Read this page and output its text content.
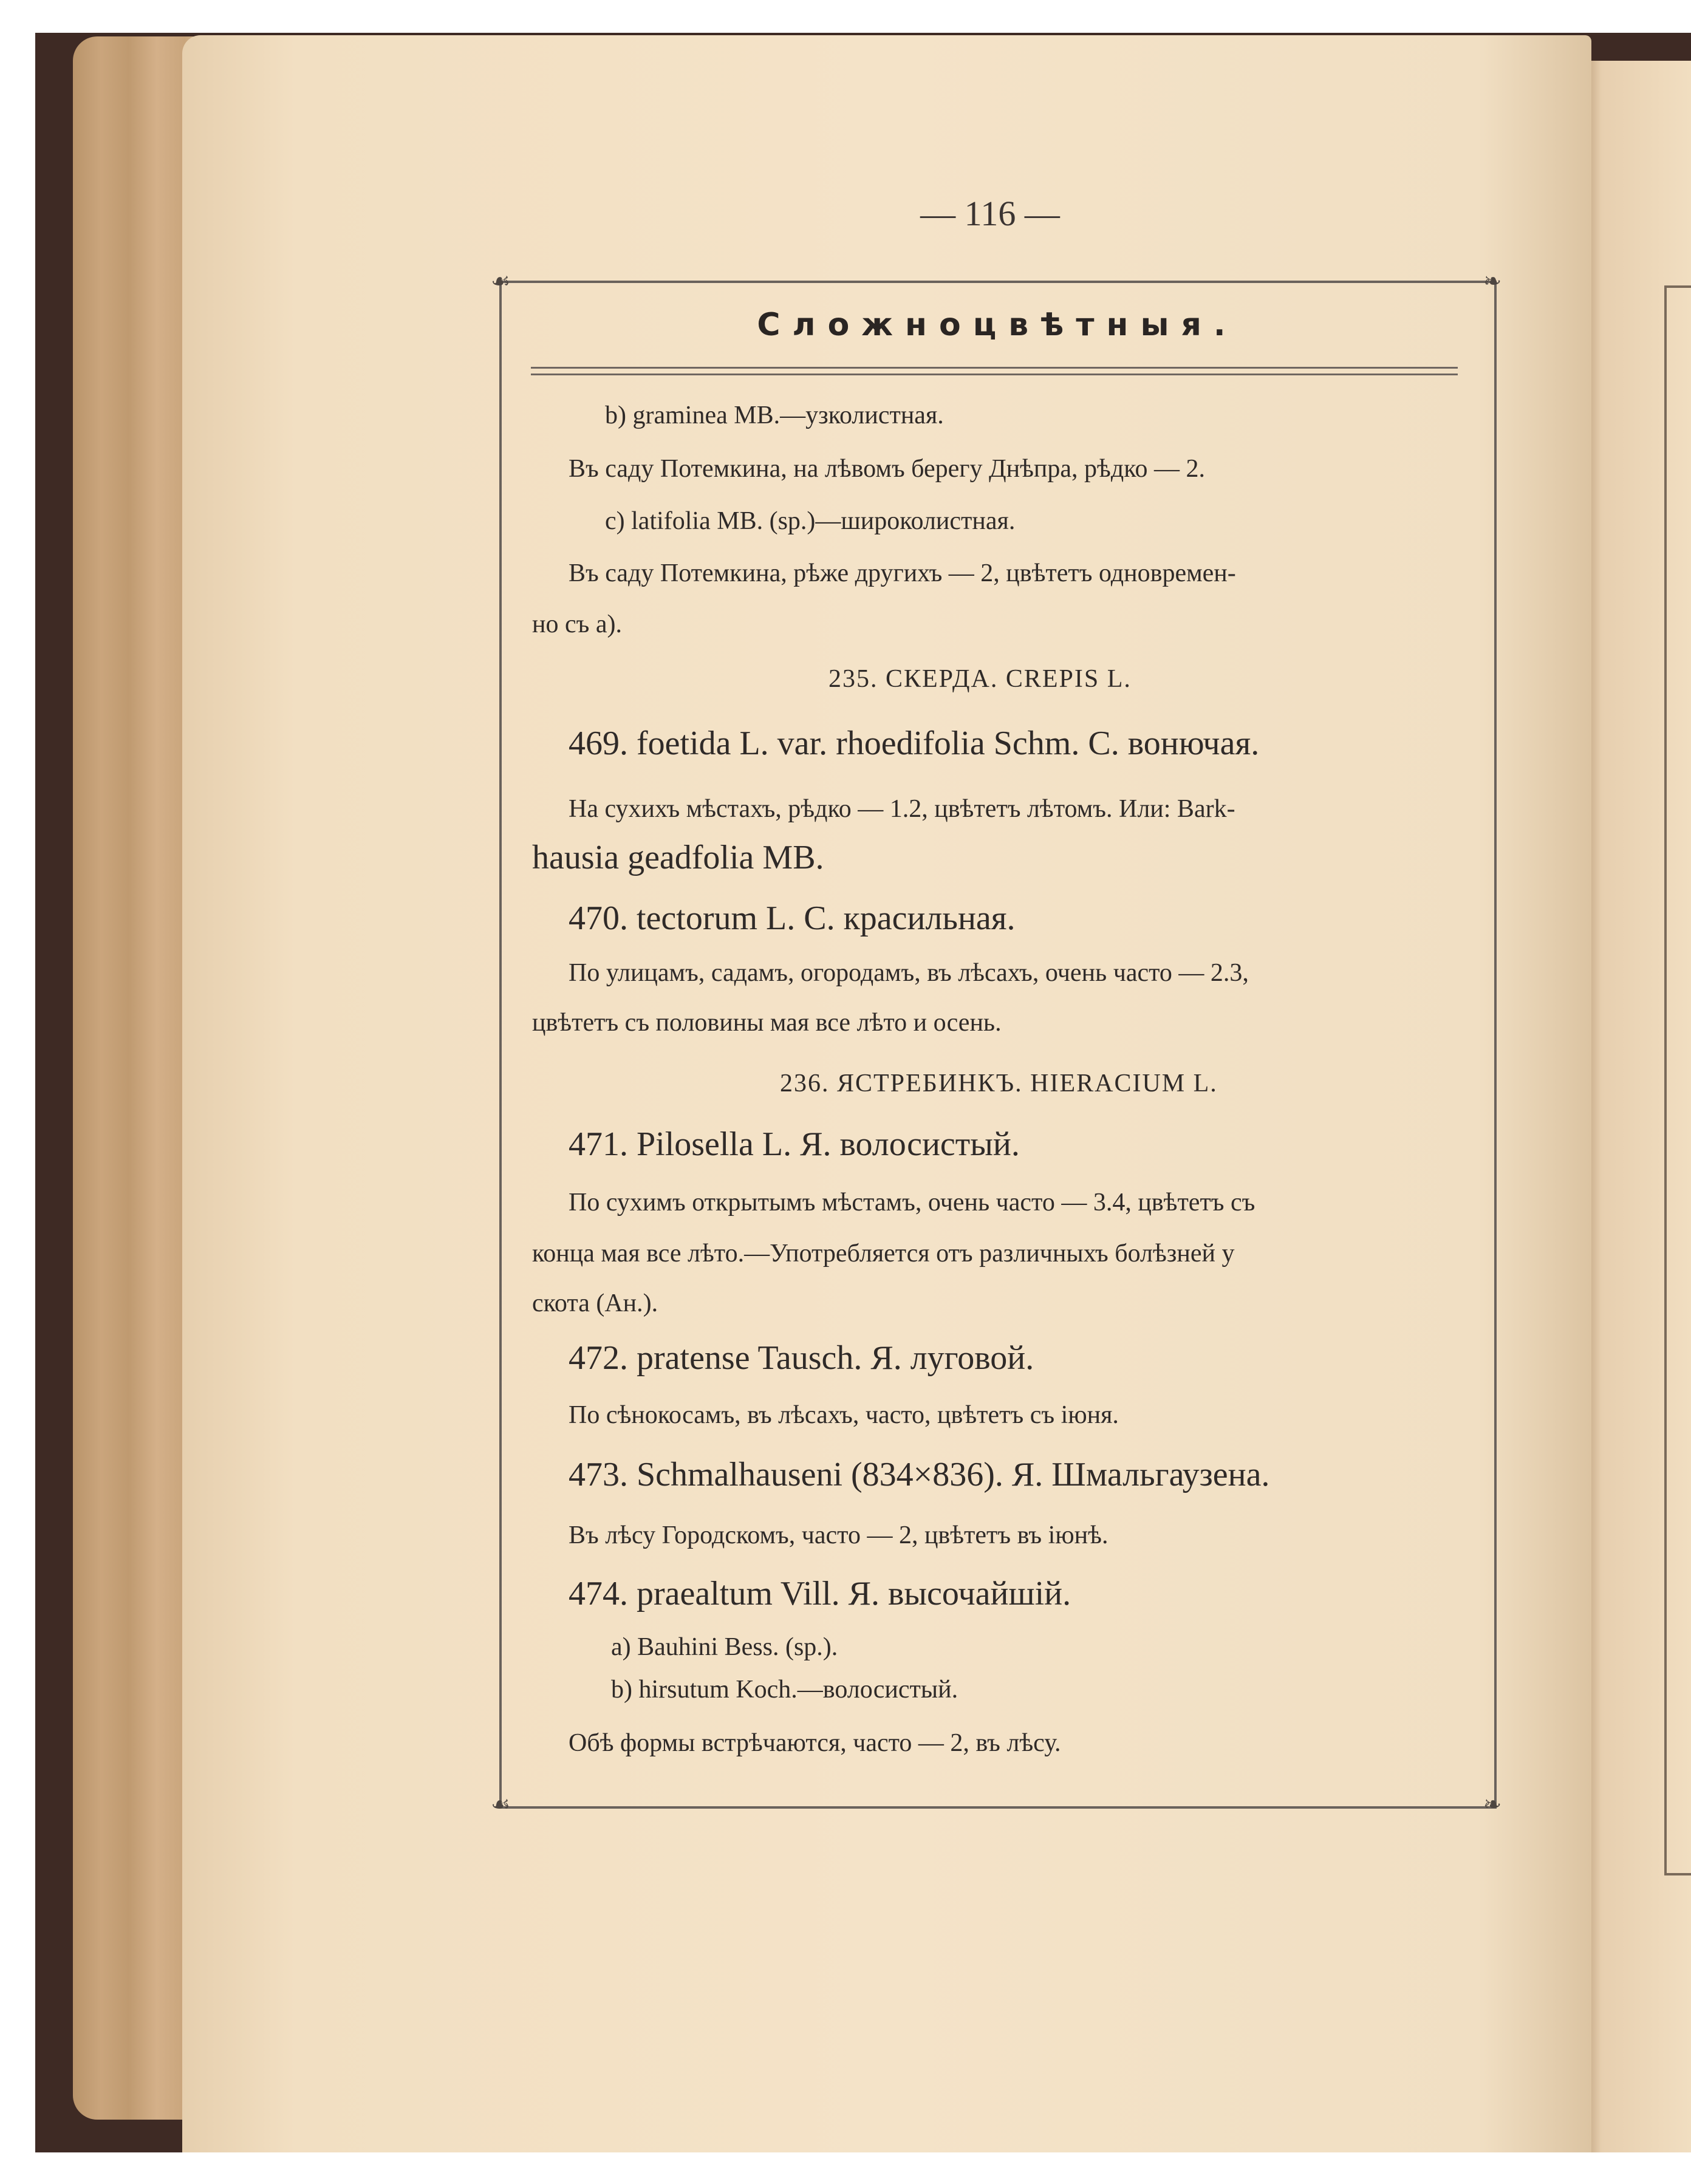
— 116 —
☙	❧
☙	❧
Сложноцвѣтныя.
b) graminea MB.—узколистная.
Въ саду Потемкина, на лѣвомъ берегу Днѣпра, рѣдко — 2.
c) latifolia MB. (sp.)—широколистная.
Въ саду Потемкина, рѣже другихъ — 2, цвѣтетъ одновремен-
но съ a).
235. СКЕРДА. CREPIS L.
469. foetida L. var. rhoedifolia Schm. С. вонючая.
На сухихъ мѣстахъ, рѣдко — 1.2, цвѣтетъ лѣтомъ. Или: Bark-
hausia geadfolia MB.
470. tectorum L. С. красильная.
По улицамъ, садамъ, огородамъ, въ лѣсахъ, очень часто — 2.3,
цвѣтетъ съ половины мая все лѣто и осень.
236. ЯСТРЕБИНКЪ. HIERACIUM L.
471. Pilosella L. Я. волосистый.
По сухимъ открытымъ мѣстамъ, очень часто — 3.4, цвѣтетъ съ
конца мая все лѣто.—Употребляется отъ различныхъ болѣзней у
скота (Ан.).
472. pratense Tausch. Я. луговой.
По сѣнокосамъ, въ лѣсахъ, часто, цвѣтетъ съ іюня.
473. Schmalhauseni (834×836). Я. Шмальгаузена.
Въ лѣсу Городскомъ, часто — 2, цвѣтетъ въ іюнѣ.
474. praealtum Vill. Я. высочайшій.
a) Bauhini Bess. (sp.).
b) hirsutum Koch.—волосистый.
Обѣ формы встрѣчаются, часто — 2, въ лѣсу.
